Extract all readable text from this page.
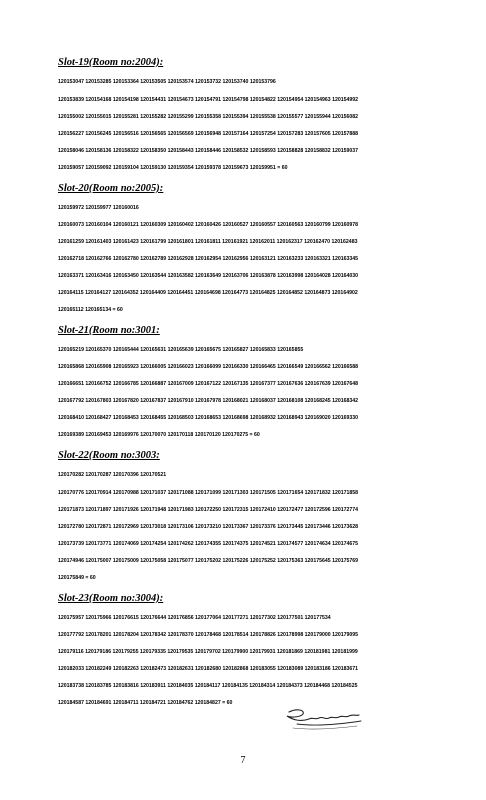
Slot-19(Room no:2004):

120153047 120153285 120153364 120153505 120153574 120153732 120153740 120153796

120153839 120154168 120154198 120154431 120154673 120154791 120154798 120154822 120154954 120154963 120154992

120155002 120155015 120155281 120155282 120155299 120155358 120155394 120155538 120155577 120155944 120156082

120156227 120156245 120156516 120156565 120156569 120156948 120157164 120157254 120157283 120157605 120157888

120158046 120158136 120158322 120158350 120158443 120158446 120158532 120158593 120158828 120158832 120159037

120159057 120159092 120159104 120159130 120159354 120159378 120159673 120159951 = 60

Slot-20(Room no:2005):

120159972 120159977 120160016

120160073 120160104 120160121 120160309 120160402 120160426 120160527 120160557 120160563 120160799 120160978

120161259 120161403 120161423 120161799 120161801 120161811 120161921 120162011 120162317 120162470 120162483

120162718 120162766 120162780 120162789 120162928 120162954 120162956 120163121 120163233 120163321 120163345

120163371 120163416 120163450 120163544 120163582 120163649 120163706 120163878 120163998 120164028 120164030

120164115 120164127 120164352 120164409 120164451 120164698 120164773 120164825 120164852 120164873 120164902

120165112 120165134 = 60

Slot-21(Room no:3001:

120165219 120165370 120165444 120165631 120165639 120165675 120165827 120165833 120165855

120165868 120165908 120165923 120166005 120166023 120166099 120166330 120166465 120166549 120166562 120166588

120166651 120166752 120166785 120166887 120167009 120167122 120167135 120167377 120167636 120167639 120167648

120167792 120167803 120167820 120167837 120167910 120167978 120168021 120168037 120168108 120168245 120168342

120168410 120168427 120168453 120168455 120168503 120168653 120168698 120168932 120168943 120169020 120169330

120169389 120169453 120169976 120170070 120170118 120170120 120170275 = 60

Slot-22(Room no:3003:

120170282 120170287 120170396 120170521

120170776 120170914 120170988 120171037 120171088 120171099 120171303 120171505 120171654 120171832 120171858

120171873 120171897 120171926 120171948 120171983 120172250 120172315 120172410 120172477 120172596 120172774

120172780 120172871 120172969 120173018 120173106 120173210 120173367 120173376 120173445 120173446 120173628

120173739 120173771 120174069 120174254 120174262 120174355 120174375 120174521 120174577 120174634 120174675

120174946 120175007 120175009 120175058 120175077 120175202 120175226 120175252 120175363 120175645 120175769

120175849 = 60

Slot-23(Room no:3004):

120175957 120175966 120176615 120176644 120176856 120177064 120177271 120177302 120177501 120177534

120177792 120178201 120178204 120178342 120178370 120178468 120178514 120178826 120178998 120179000 120179095

120179116 120179186 120179255 120179335 120179535 120179702 120179900 120179931 120181869 120181981 120181999

120182033 120182249 120182263 120182473 120182631 120182680 120182868 120183055 120183089 120183186 120183671

120183738 120183785 120183816 120183911 120184035 120184117 120184135 120184314 120184373 120184468 120184525

120184587 120184691 120184711 120184721 120184762 120184827 = 60

7
